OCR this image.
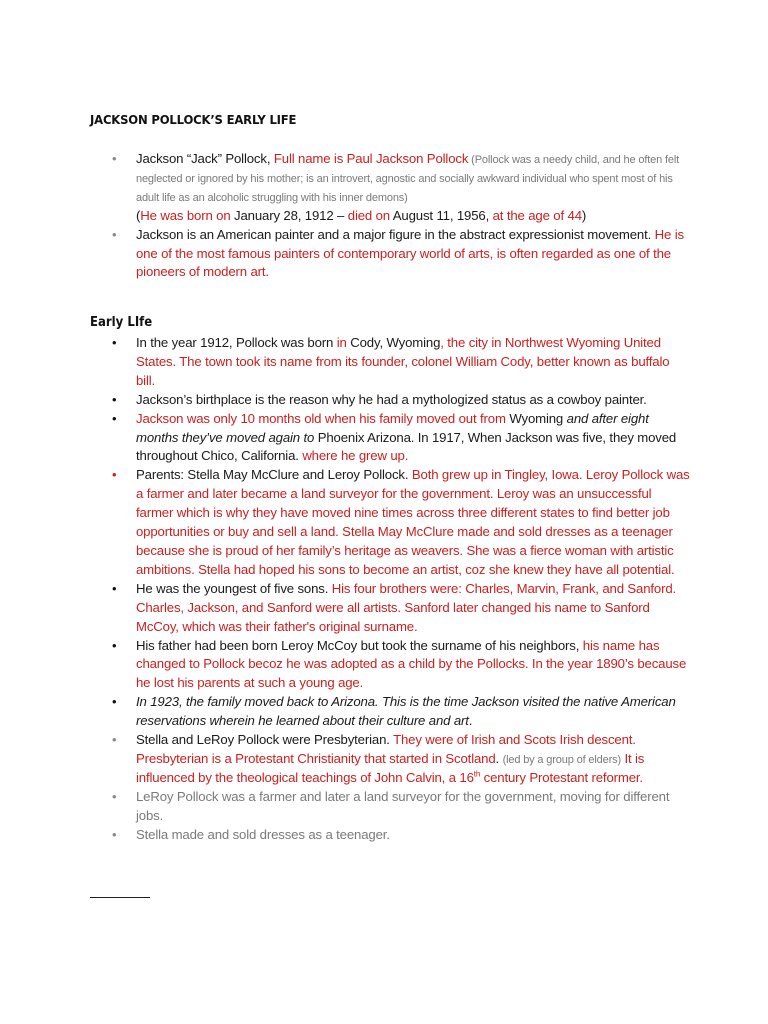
JACKSON POLLOCK’S EARLY LIFE
•	Jackson “Jack” Pollock, Full name is Paul Jackson Pollock (Pollock was a needy child, and he often felt neglected or ignored by his mother; is an introvert, agnostic and socially awkward individual who spent most of his adult life as an alcoholic struggling with his inner demons)
(He was born on January 28, 1912 – died on August 11, 1956, at the age of 44)
•	Jackson is an American painter and a major figure in the abstract expressionist movement. He is one of the most famous painters of contemporary world of arts, is often regarded as one of the pioneers of modern art.
Early LIfe
•	In the year 1912, Pollock was born in Cody, Wyoming, the city in Northwest Wyoming United States. The town took its name from its founder, colonel William Cody, better known as buffalo bill.
•	Jackson’s birthplace is the reason why he had a mythologized status as a cowboy painter.
•	Jackson was only 10 months old when his family moved out from Wyoming and after eight months they’ve moved again to Phoenix Arizona. In 1917, When Jackson was five, they moved throughout Chico, California. where he grew up.
•	Parents: Stella May McClure and Leroy Pollock. Both grew up in Tingley, Iowa. Leroy Pollock was a farmer and later became a land surveyor for the government. Leroy was an unsuccessful farmer which is why they have moved nine times across three different states to find better job opportunities or buy and sell a land. Stella May McClure made and sold dresses as a teenager because she is proud of her family’s heritage as weavers. She was a fierce woman with artistic ambitions. Stella had hoped his sons to become an artist, coz she knew they have all potential.
•	He was the youngest of five sons. His four brothers were: Charles, Marvin, Frank, and Sanford. Charles, Jackson, and Sanford were all artists. Sanford later changed his name to Sanford McCoy, which was their father's original surname.
•	His father had been born Leroy McCoy but took the surname of his neighbors, his name has changed to Pollock becoz he was adopted as a child by the Pollocks. In the year 1890’s because he lost his parents at such a young age.
•	In 1923, the family moved back to Arizona. This is the time Jackson visited the native American reservations wherein he learned about their culture and art.
•	Stella and LeRoy Pollock were Presbyterian. They were of Irish and Scots Irish descent. Presbyterian is a Protestant Christianity that started in Scotland. (led by a group of elders) It is influenced by the theological teachings of John Calvin, a 16th century Protestant reformer.
•	LeRoy Pollock was a farmer and later a land surveyor for the government, moving for different jobs.
•	Stella made and sold dresses as a teenager.
